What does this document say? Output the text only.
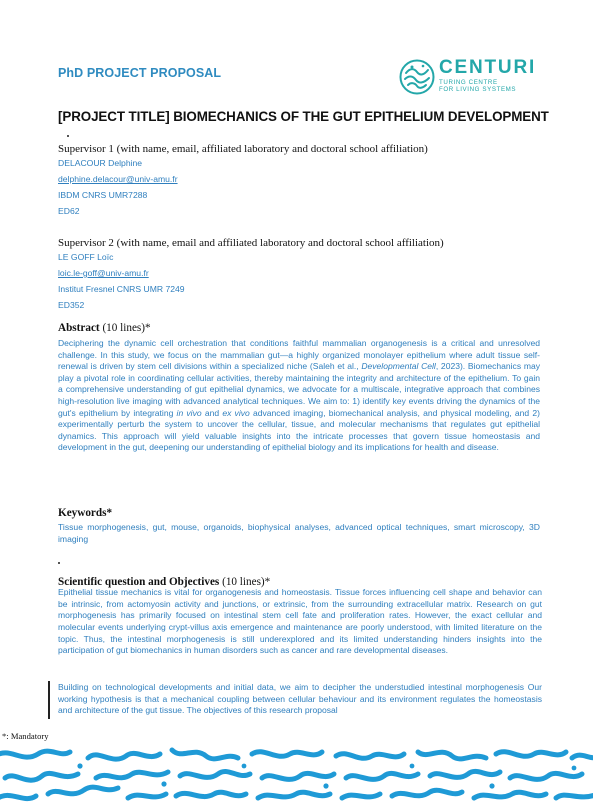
PhD PROJECT PROPOSAL	CENTURI
TURING CENTRE
FOR LIVING SYSTEMS
[PROJECT TITLE] BIOMECHANICS OF THE GUT EPITHELIUM DEVELOPMENT
Supervisor 1 (with name, email, affiliated laboratory and doctoral school affiliation)
DELACOUR Delphine
delphine.delacour@univ-amu.fr
IBDM CNRS UMR7288
ED62
Supervisor 2 (with name, email and affiliated laboratory and doctoral school affiliation)
LE GOFF Loïc
loic.le-goff@univ-amu.fr
Institut Fresnel CNRS UMR 7249
ED352
Abstract (10 lines)*
Deciphering the dynamic cell orchestration that conditions faithful mammalian organogenesis is a critical and unresolved challenge. In this study, we focus on the mammalian gut—a highly organized monolayer epithelium where adult tissue self-renewal is driven by stem cell divisions within a specialized niche (Saleh et al., Developmental Cell, 2023). Biomechanics may play a pivotal role in coordinating cellular activities, thereby maintaining the integrity and architecture of the epithelium. To gain a comprehensive understanding of gut epithelial dynamics, we advocate for a multiscale, integrative approach that combines high-resolution live imaging with advanced analytical techniques. We aim to: 1) identify key events driving the dynamics of the gut's epithelium by integrating in vivo and ex vivo advanced imaging, biomechanical analysis, and physical modeling, and 2) experimentally perturb the system to uncover the cellular, tissue, and molecular mechanisms that regulates gut epithelial dynamics. This approach will yield valuable insights into the intricate processes that govern tissue homeostasis and development in the gut, deepening our understanding of epithelial biology and its implications for health and disease.
Keywords*
Tissue morphogenesis, gut, mouse, organoids, biophysical analyses, advanced optical techniques, smart microscopy, 3D imaging
Scientific question and Objectives (10 lines)*
Epithelial tissue mechanics is vital for organogenesis and homeostasis. Tissue forces influencing cell shape and behavior can be intrinsic, from actomyosin activity and junctions, or extrinsic, from the surrounding extracellular matrix. Research on gut morphogenesis has primarily focused on intestinal stem cell fate and proliferation rates. However, the exact cellular and molecular events underlying crypt-villus axis emergence and maintenance are poorly understood, with limited literature on the topic. Thus, the intestinal morphogenesis is still underexplored and its limited understanding hinders insights into the participation of gut biomechanics in human disorders such as cancer and rare developmental diseases.
Building on technological developments and initial data, we aim to decipher the understudied intestinal morphogenesis Our working hypothesis is that a mechanical coupling between cellular behaviour and its environment regulates the homeostasis and architecture of the gut tissue. The objectives of this research proposal
*: Mandatory
